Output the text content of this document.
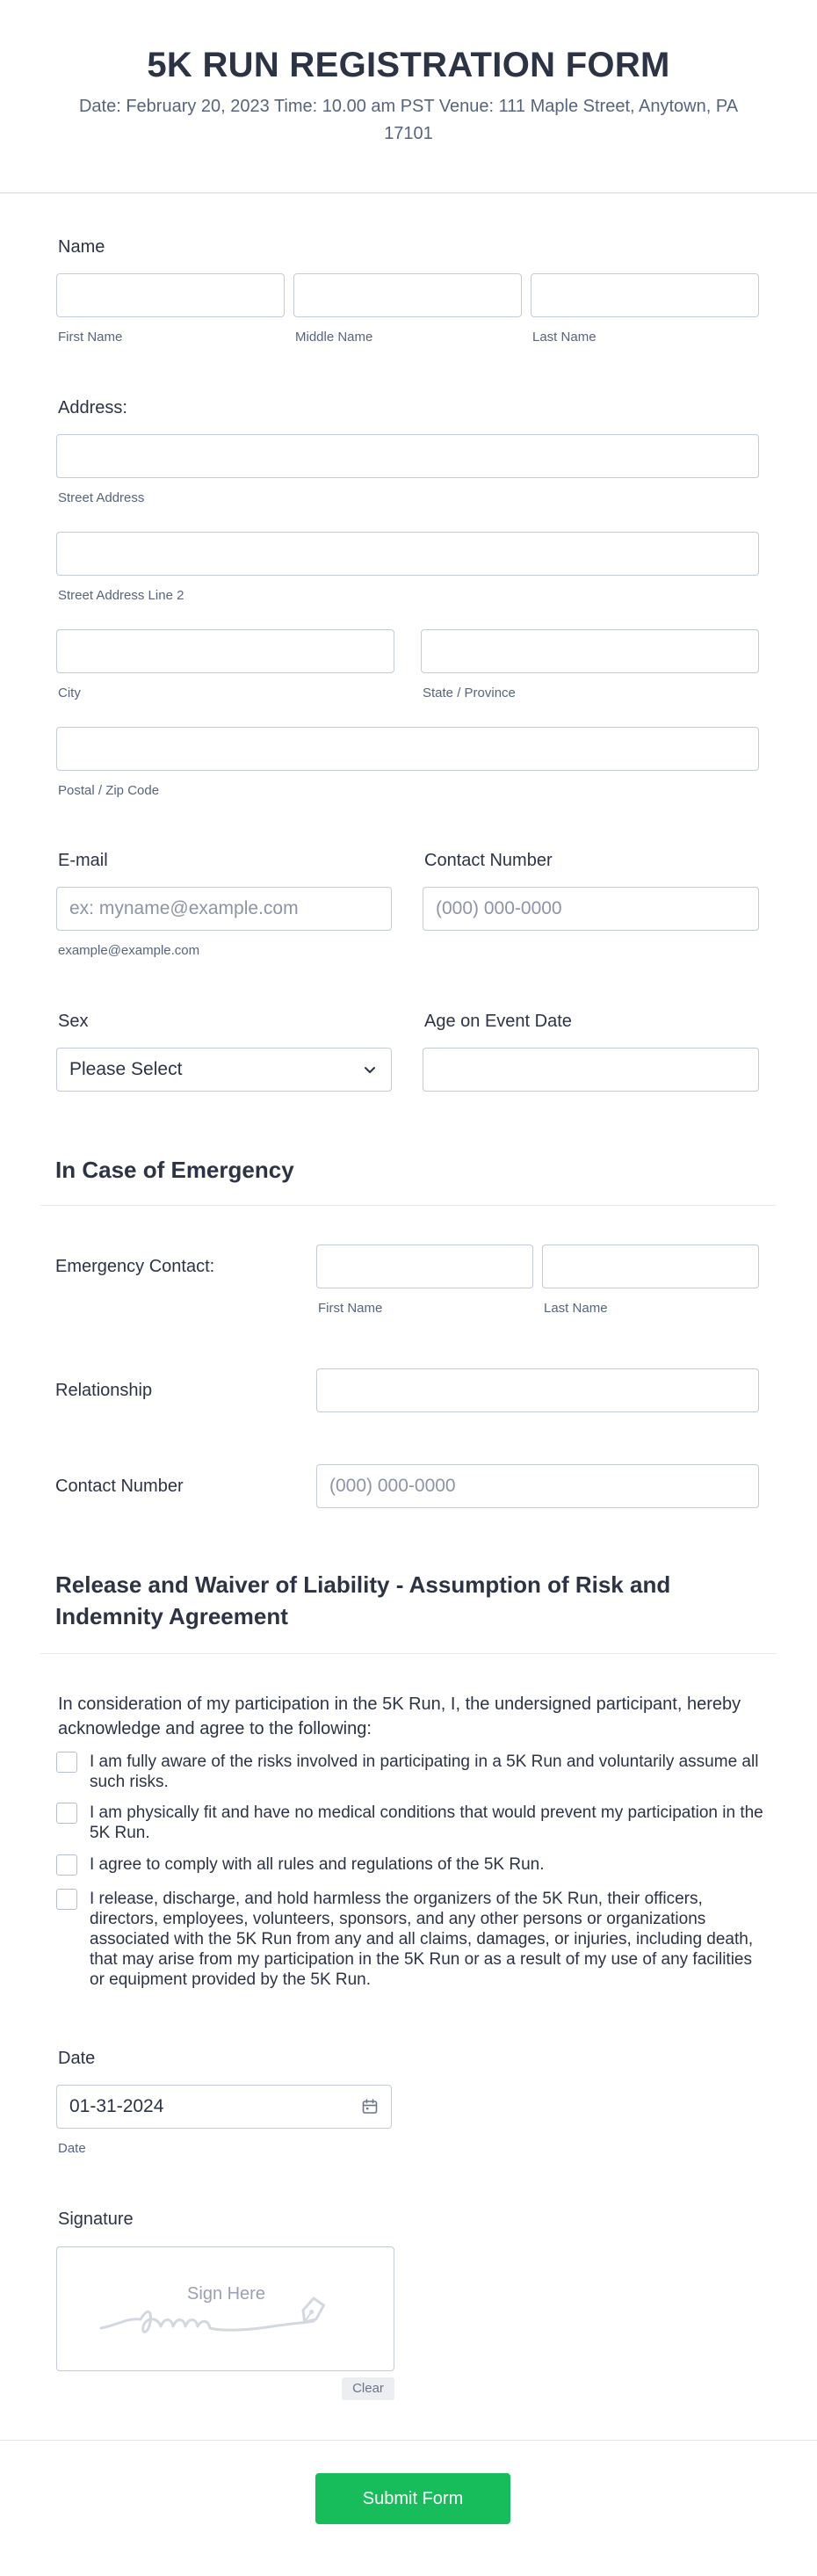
5K RUN REGISTRATION FORM
Date: February 20, 2023 Time: 10.00 am PST Venue: 111 Maple Street, Anytown, PA 17101
Name
First Name	Middle Name	Last Name
Address:
Street Address
Street Address Line 2
City	State / Province
Postal / Zip Code
E-mail
ex: myname@example.com
example@example.com
Contact Number
(000) 000-0000
Sex
Please Select
Age on Event Date
In Case of Emergency
Emergency Contact:
First Name	Last Name
Relationship
Contact Number
(000) 000-0000
Release and Waiver of Liability - Assumption of Risk and Indemnity Agreement
In consideration of my participation in the 5K Run, I, the undersigned participant, hereby acknowledge and agree to the following:
I am fully aware of the risks involved in participating in a 5K Run and voluntarily assume all such risks.
I am physically fit and have no medical conditions that would prevent my participation in the 5K Run.
I agree to comply with all rules and regulations of the 5K Run.
I release, discharge, and hold harmless the organizers of the 5K Run, their officers, directors, employees, volunteers, sponsors, and any other persons or organizations associated with the 5K Run from any and all claims, damages, or injuries, including death, that may arise from my participation in the 5K Run or as a result of my use of any facilities or equipment provided by the 5K Run.
Date
01-31-2024
Date
Signature
Sign Here
Clear
Submit Form
